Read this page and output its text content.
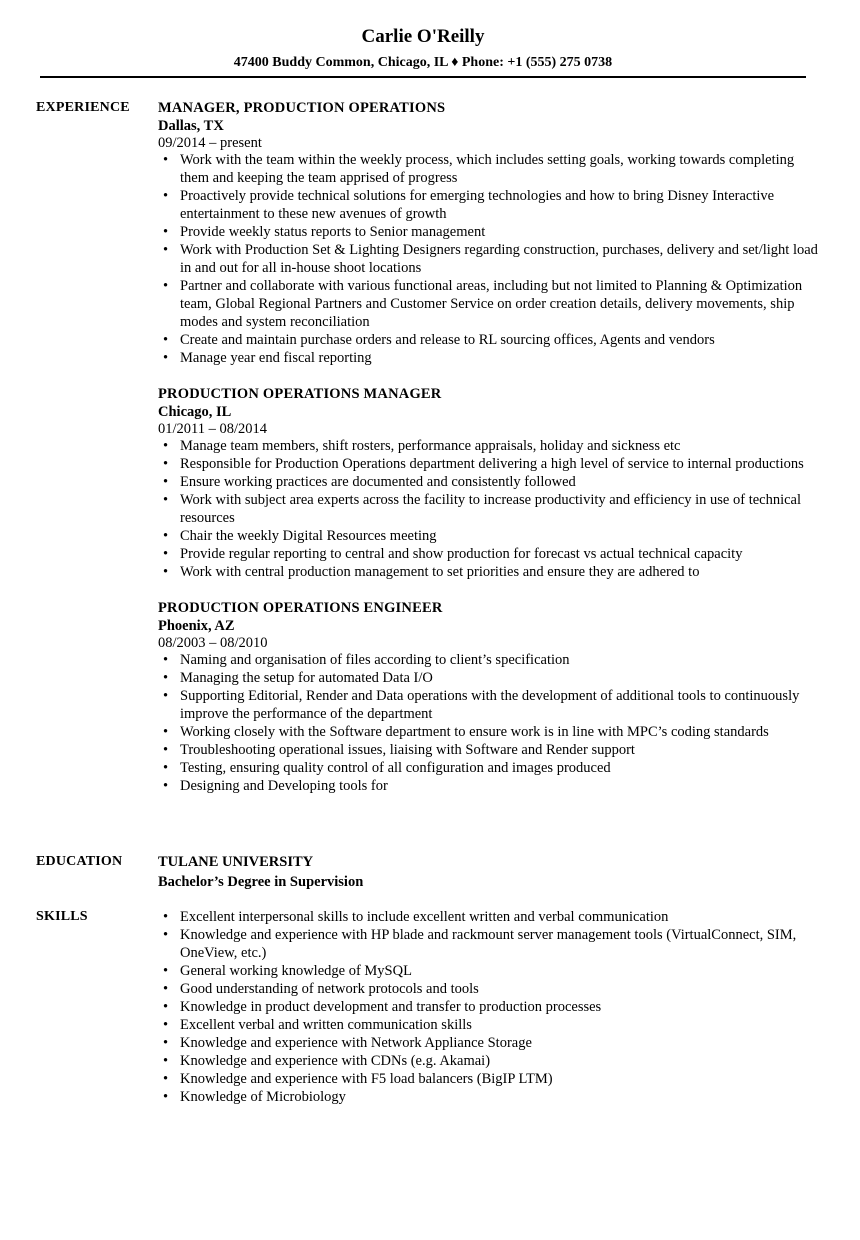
Carlie O'Reilly
47400 Buddy Common, Chicago, IL ♦ Phone: +1 (555) 275 0738
EXPERIENCE MANAGER, PRODUCTION OPERATIONS
Dallas, TX
09/2014 – present
• Work with the team within the weekly process, which includes setting goals, working towards completing them and keeping the team apprised of progress
• Proactively provide technical solutions for emerging technologies and how to bring Disney Interactive entertainment to these new avenues of growth
• Provide weekly status reports to Senior management
• Work with Production Set & Lighting Designers regarding construction, purchases, delivery and set/light load in and out for all in-house shoot locations
• Partner and collaborate with various functional areas, including but not limited to Planning & Optimization team, Global Regional Partners and Customer Service on order creation details, delivery movements, ship modes and system reconciliation
• Create and maintain purchase orders and release to RL sourcing offices, Agents and vendors
• Manage year end fiscal reporting
PRODUCTION OPERATIONS MANAGER
Chicago, IL
01/2011 – 08/2014
• Manage team members, shift rosters, performance appraisals, holiday and sickness etc
• Responsible for Production Operations department delivering a high level of service to internal productions
• Ensure working practices are documented and consistently followed
• Work with subject area experts across the facility to increase productivity and efficiency in use of technical resources
• Chair the weekly Digital Resources meeting
• Provide regular reporting to central and show production for forecast vs actual technical capacity
• Work with central production management to set priorities and ensure they are adhered to
PRODUCTION OPERATIONS ENGINEER
Phoenix, AZ
08/2003 – 08/2010
• Naming and organisation of files according to client’s specification
• Managing the setup for automated Data I/O
• Supporting Editorial, Render and Data operations with the development of additional tools to continuously improve the performance of the department
• Working closely with the Software department to ensure work is in line with MPC’s coding standards
• Troubleshooting operational issues, liaising with Software and Render support
• Testing, ensuring quality control of all configuration and images produced
• Designing and Developing tools for
EDUCATION TULANE UNIVERSITY
Bachelor’s Degree in Supervision
SKILLS
•	Excellent interpersonal skills to include excellent written and verbal communication
• Knowledge and experience with HP blade and rackmount server management tools (VirtualConnect, SIM, OneView, etc.)
• General working knowledge of MySQL
• Good understanding of network protocols and tools
• Knowledge in product development and transfer to production processes
• Excellent verbal and written communication skills
• Knowledge and experience with Network Appliance Storage
• Knowledge and experience with CDNs (e.g. Akamai)
• Knowledge and experience with F5 load balancers (BigIP LTM)
• Knowledge of Microbiology
